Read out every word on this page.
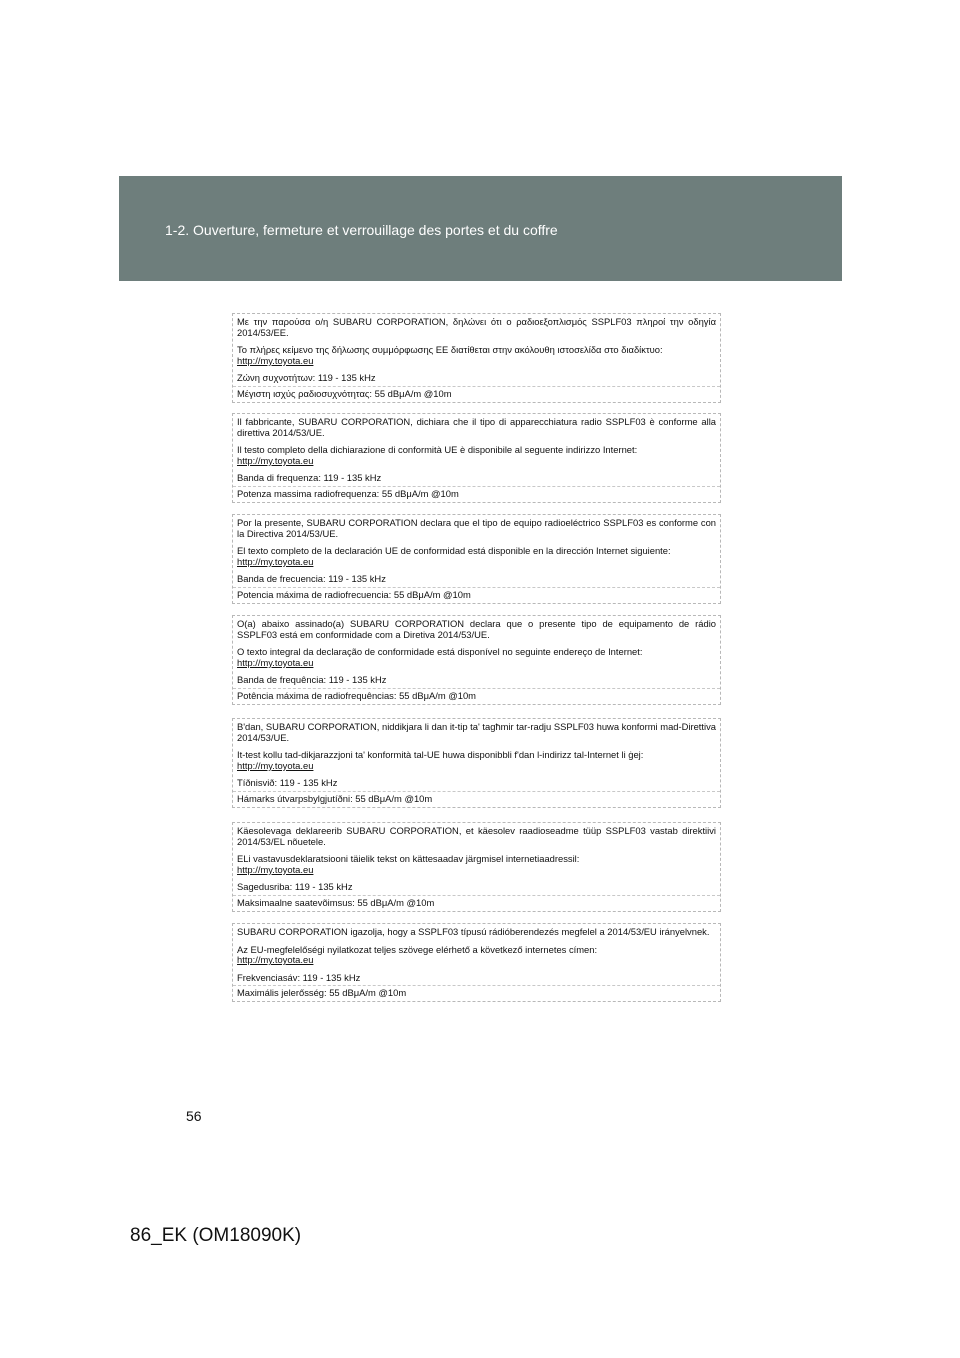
1-2. Ouverture, fermeture et verrouillage des portes et du coffre

Με την παρούσα ο/η SUBARU CORPORATION, δηλώνει ότι ο ραδιοεξοπλισμός SSPLF03 πληροί την οδηγία 2014/53/ΕΕ.

Το πλήρες κείμενο της δήλωσης συμμόρφωσης ΕΕ διατίθεται στην ακόλουθη ιστοσελίδα στο διαδίκτυο:

http://my.toyota.eu

Ζώνη συχνοτήτων: 119 - 135 kHz

Μέγιστη ισχύς ραδιοσυχνότητας: 55 dBμA/m @10m

Il fabbricante, SUBARU CORPORATION, dichiara che il tipo di apparecchiatura radio SSPLF03 è conforme alla direttiva 2014/53/UE.

Il testo completo della dichiarazione di conformità UE è disponibile al seguente indirizzo Internet:

http://my.toyota.eu

Banda di frequenza: 119 - 135 kHz

Potenza massima radiofrequenza: 55 dBμA/m @10m

Por la presente, SUBARU CORPORATION declara que el tipo de equipo radioeléctrico SSPLF03 es conforme con la Directiva 2014/53/UE.

El texto completo de la declaración UE de conformidad está disponible en la dirección Internet siguiente:

http://my.toyota.eu

Banda de frecuencia: 119 - 135 kHz

Potencia máxima de radiofrecuencia: 55 dBμA/m @10m

O(a) abaixo assinado(a) SUBARU CORPORATION declara que o presente tipo de equipamento de rádio SSPLF03 está em conformidade com a Diretiva 2014/53/UE.

O texto integral da declaração de conformidade está disponível no seguinte endereço de Internet:

http://my.toyota.eu

Banda de frequência: 119 - 135 kHz

Potência máxima de radiofrequências: 55 dBμA/m @10m

B'dan, SUBARU CORPORATION, niddikjara li dan it-tip ta' tagħmir tar-radju SSPLF03 huwa konformi mad-Direttiva 2014/53/UE.

It-test kollu tad-dikjarazzjoni ta' konformità tal-UE huwa disponibbli f'dan l-indirizz tal-Internet li ġej:

http://my.toyota.eu

Tíðnisvið: 119 - 135 kHz

Hámarks útvarpsbylgjutíðni: 55 dBμA/m @10m

Käesolevaga deklareerib SUBARU CORPORATION, et käesolev raadioseadme tüüp SSPLF03 vastab direktiivi 2014/53/EL nõuetele.

ELi vastavusdeklaratsiooni täielik tekst on kättesaadav järgmisel internetiaadressil:

http://my.toyota.eu

Sagedusriba: 119 - 135 kHz

Maksimaalne saatevõimsus: 55 dBμA/m @10m

SUBARU CORPORATION igazolja, hogy a SSPLF03 típusú rádióberendezés megfelel a 2014/53/EU irányelvnek.

Az EU-megfelelőségi nyilatkozat teljes szövege elérhető a következő internetes címen:

http://my.toyota.eu

Frekvenciasáv: 119 - 135 kHz

Maximális jelerősség: 55 dBμA/m @10m

56
86_EK (OM18090K)
